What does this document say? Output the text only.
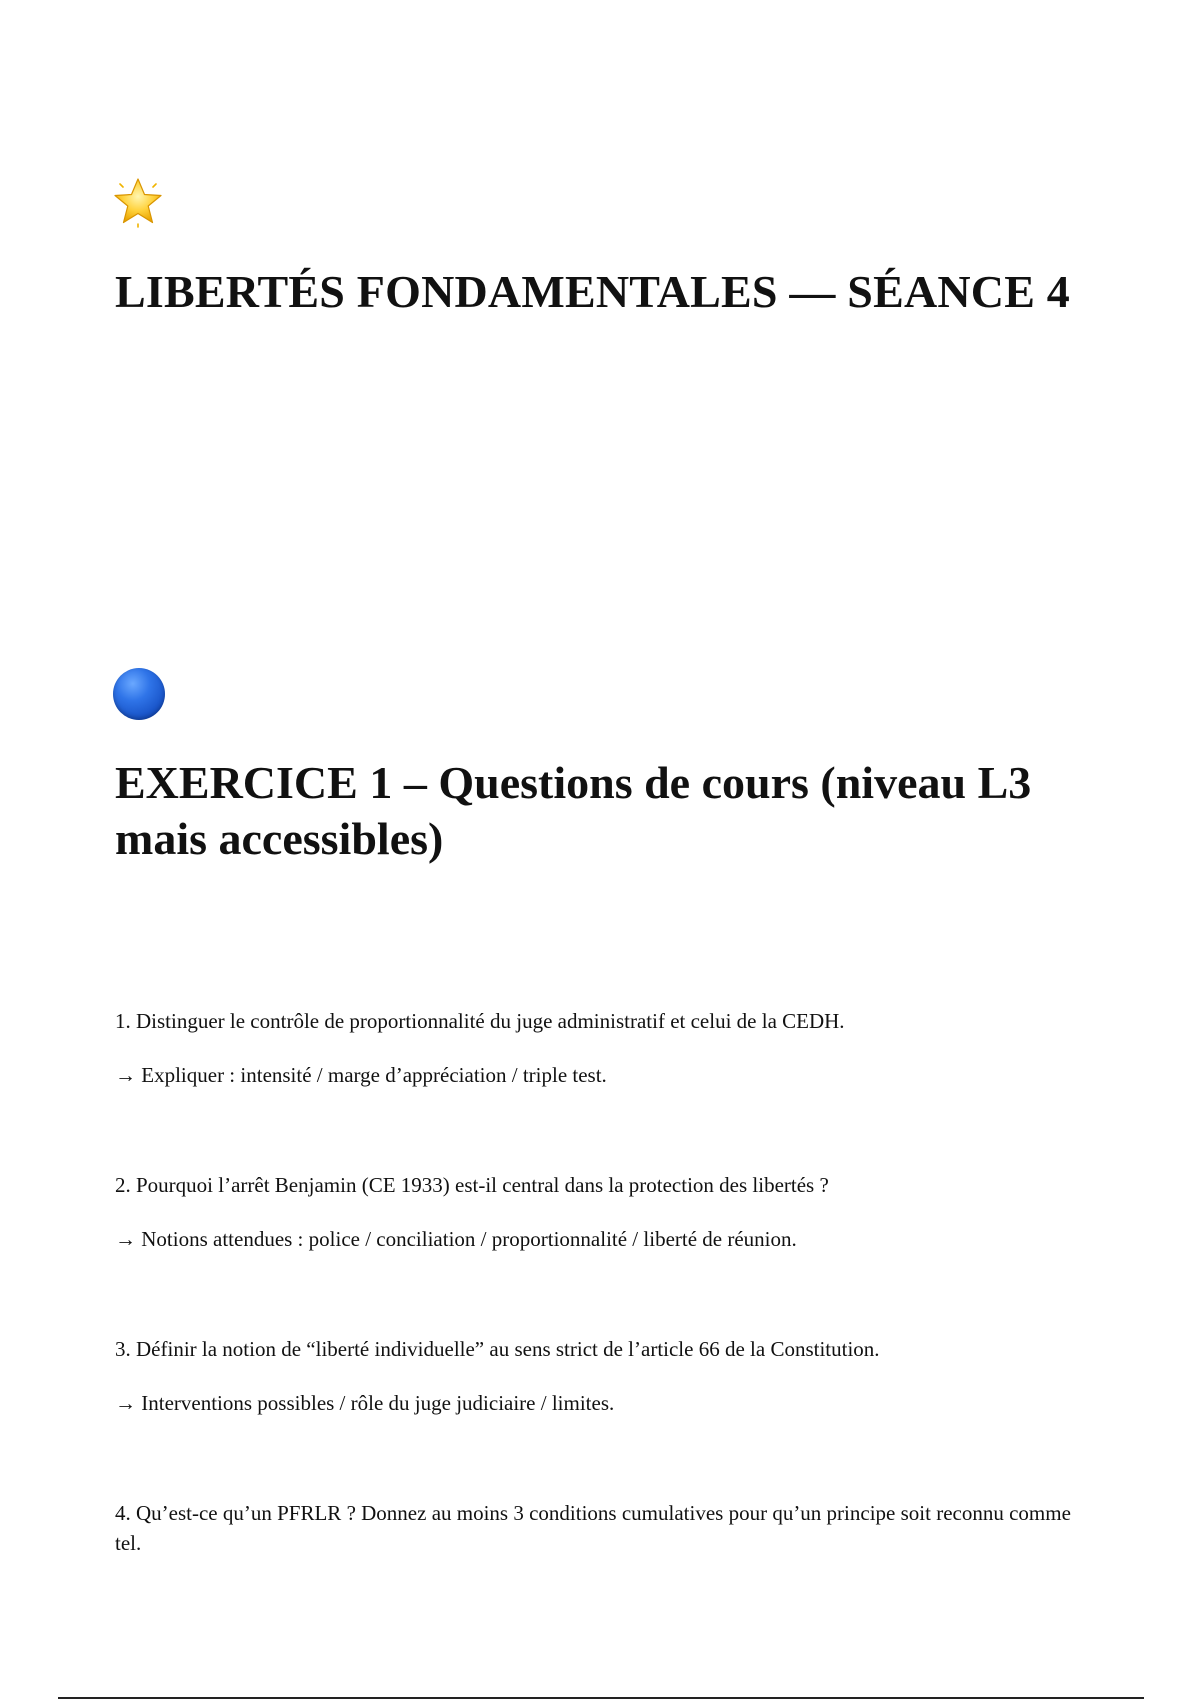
LIBERTÉS FONDAMENTALES — SÉANCE 4
EXERCICE 1 – Questions de cours (niveau L3 mais accessibles)

1. Distinguer le contrôle de proportionnalité du juge administratif et celui de la CEDH.

→ Expliquer : intensité / marge d’appréciation / triple test.

2. Pourquoi l’arrêt Benjamin (CE 1933) est-il central dans la protection des libertés ?

→ Notions attendues : police / conciliation / proportionnalité / liberté de réunion.

3. Définir la notion de “liberté individuelle” au sens strict de l’article 66 de la Constitution.

→ Interventions possibles / rôle du juge judiciaire / limites.

4. Qu’est-ce qu’un PFRLR ? Donnez au moins 3 conditions cumulatives pour qu’un principe soit reconnu comme tel.
